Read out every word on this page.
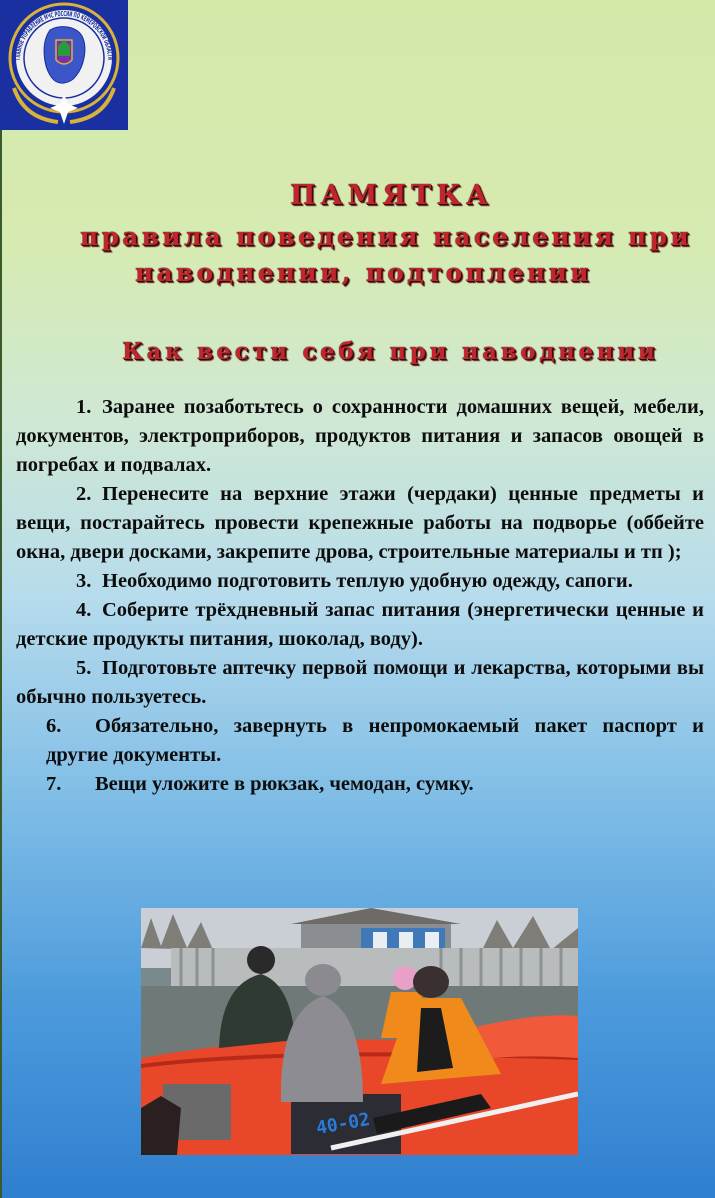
ГЛАВНОЕ УПРАВЛЕНИЕ МЧС РОССИИ ПО КЕМЕРОВСКОЙ ОБЛАСТИ
ПАМЯТКА
правила поведения населения при
наводнении, подтоплении
Как вести себя при наводнении

1. Заранее позаботьтесь о сохранности домашних вещей, мебели, документов, электроприборов, продуктов питания и запасов овощей в погребах и подвалах.

2. Перенесите на верхние этажи (чердаки) ценные предметы и вещи, постарайтесь провести крепежные работы на подворье (оббейте окна, двери досками, закрепите дрова, строительные материалы и тп );

3. Необходимо подготовить теплую удобную одежду, сапоги.

4. Соберите трёхдневный запас питания (энергетически ценные и детские продукты питания, шоколад, воду).

5. Подготовьте аптечку первой помощи и лекарства, которыми вы обычно пользуетесь.

6. Обязательно, завернуть в непромокаемый пакет паспорт и другие документы.

7. Вещи уложите в рюкзак, чемодан, сумку.

40-02
